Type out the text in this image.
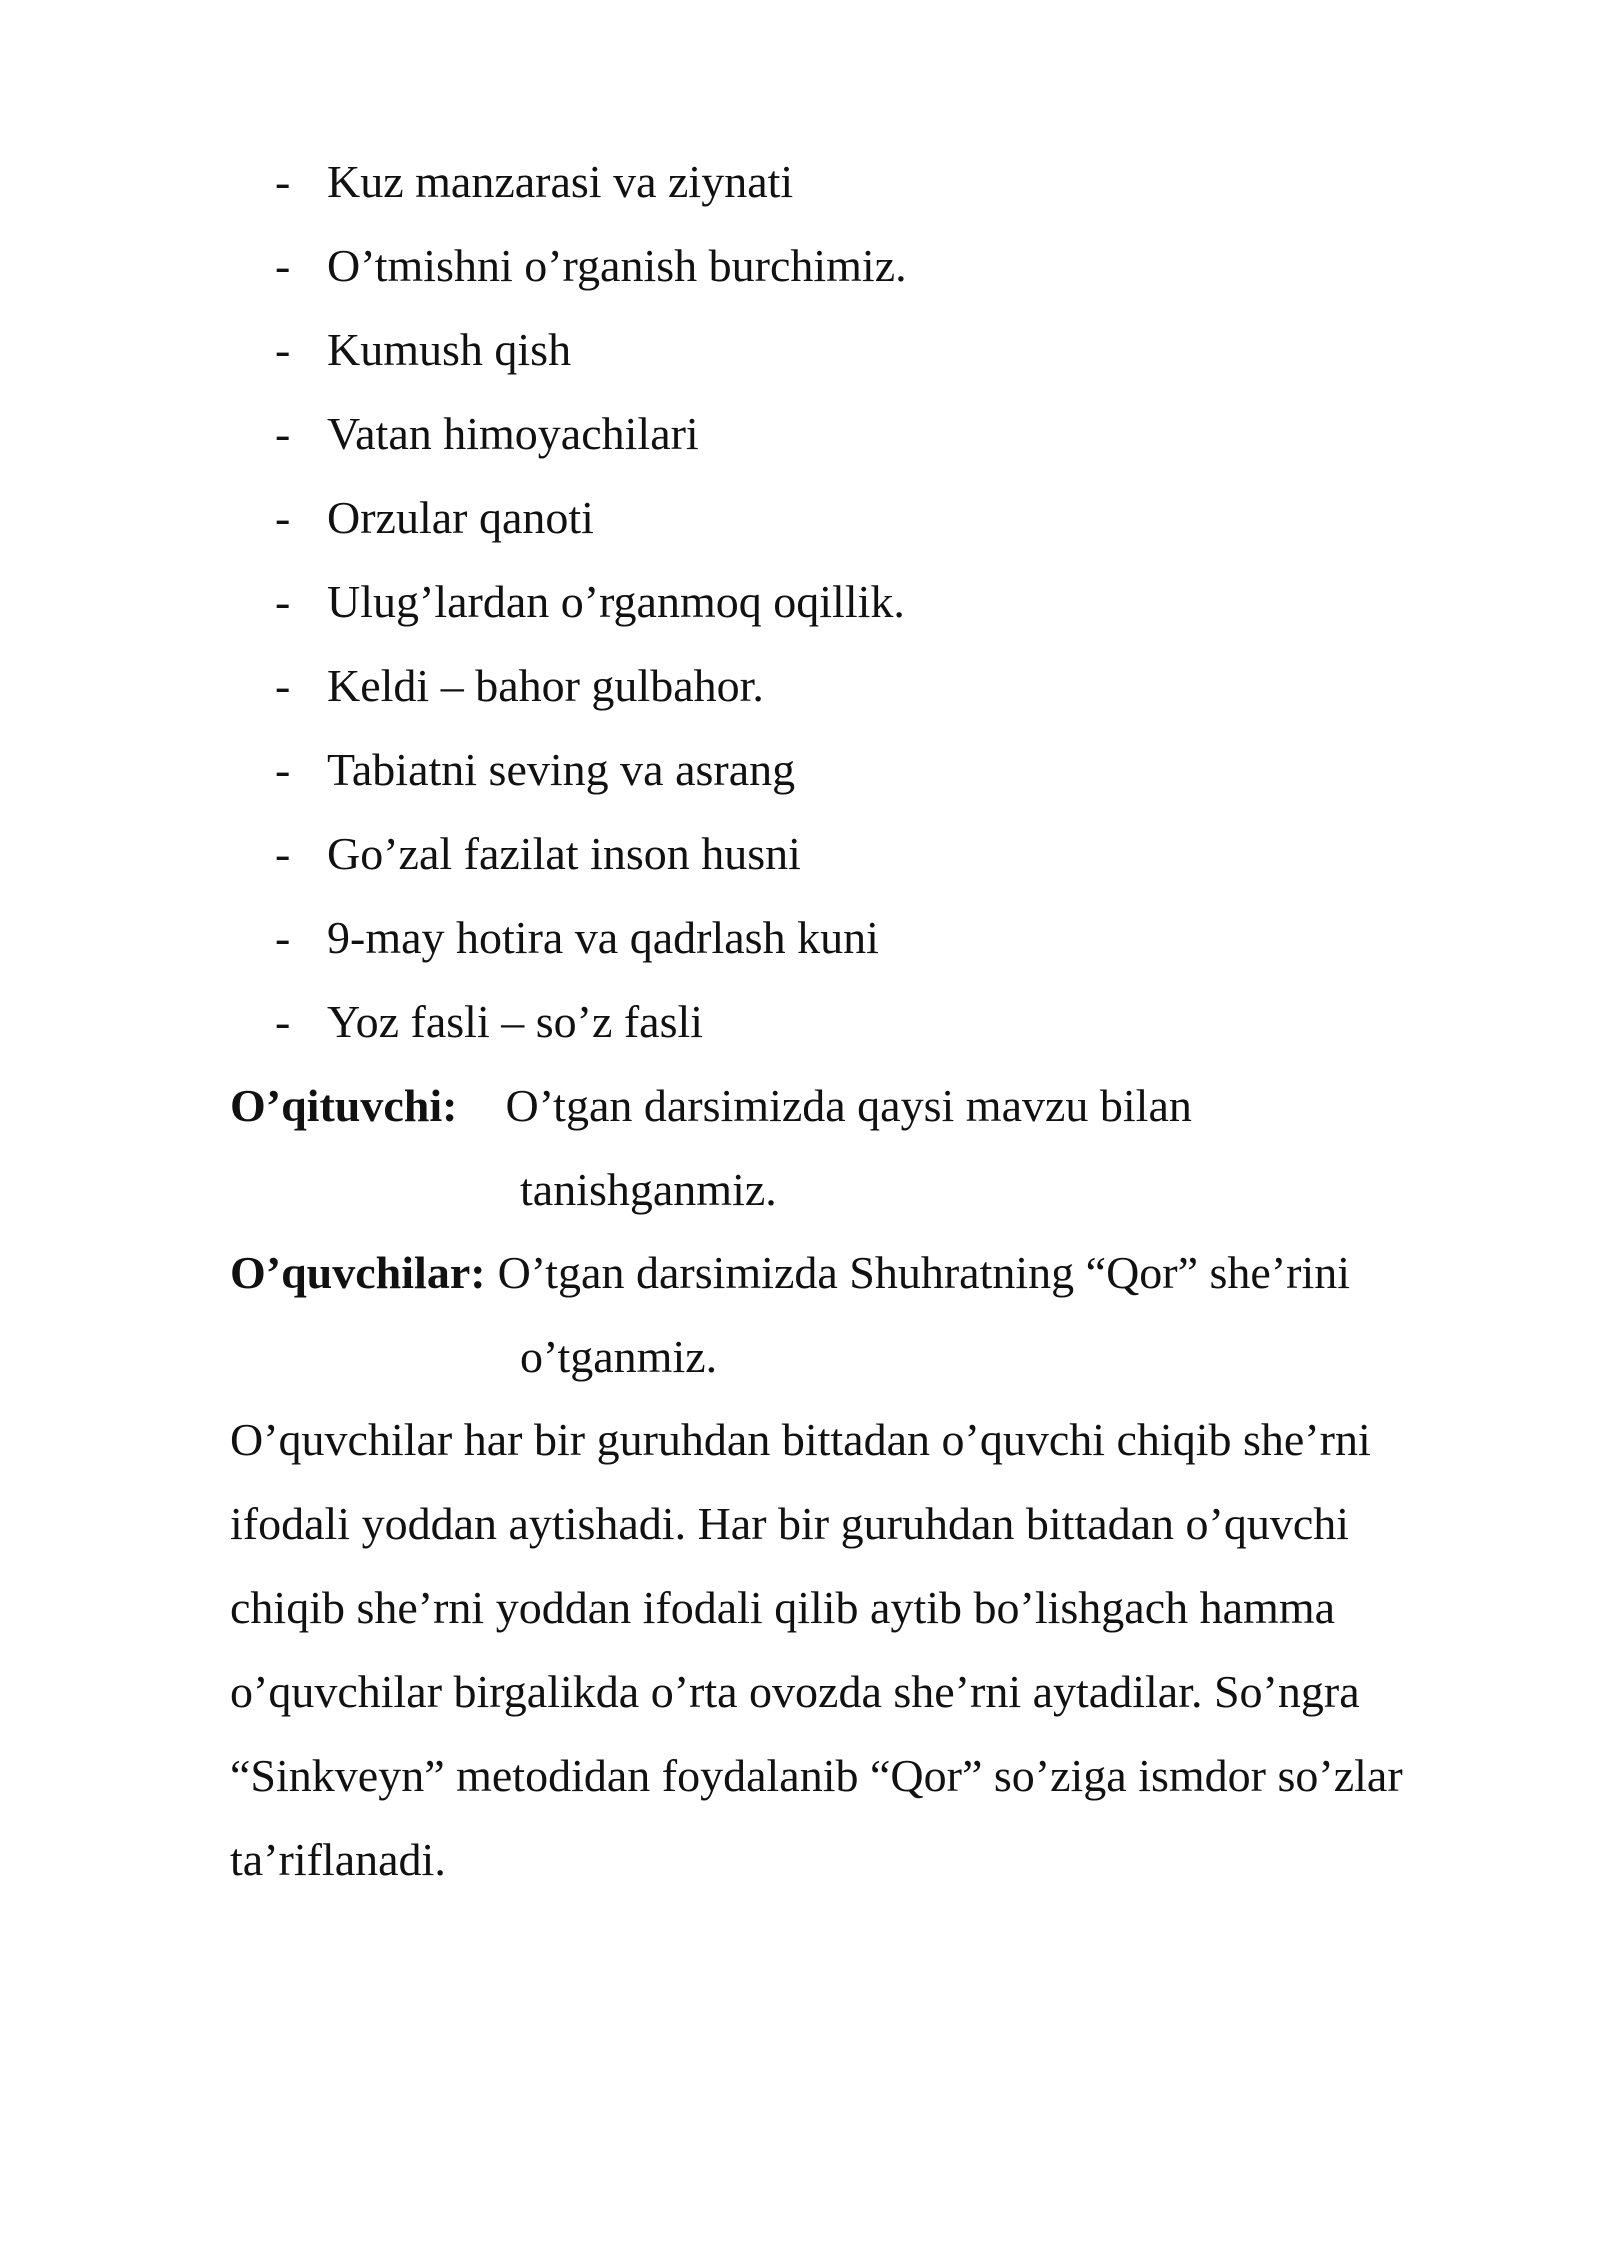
- Kuz manzarasi va ziynati
- O’tmishni o’rganish burchimiz.
- Kumush qish
- Vatan himoyachilari
- Orzular qanoti
- Ulug’lardan o’rganmoq oqillik.
- Keldi – bahor gulbahor.
- Tabiatni seving va asrang
- Go’zal fazilat inson husni
- 9-may hotira va qadrlash kuni
- Yoz fasli – so’z fasli
O’qituvchi: O’tgan darsimizda qaysi mavzu bilan
tanishganmiz.
O’quvchilar: O’tgan darsimizda Shuhratning “Qor” she’rini
o’tganmiz.
O’quvchilar har bir guruhdan bittadan o’quvchi chiqib she’rni
ifodali yoddan aytishadi. Har bir guruhdan bittadan o’quvchi
chiqib she’rni yoddan ifodali qilib aytib bo’lishgach hamma
o’quvchilar birgalikda o’rta ovozda she’rni aytadilar. So’ngra
“Sinkveyn” metodidan foydalanib “Qor” so’ziga ismdor so’zlar
ta’riflanadi.
